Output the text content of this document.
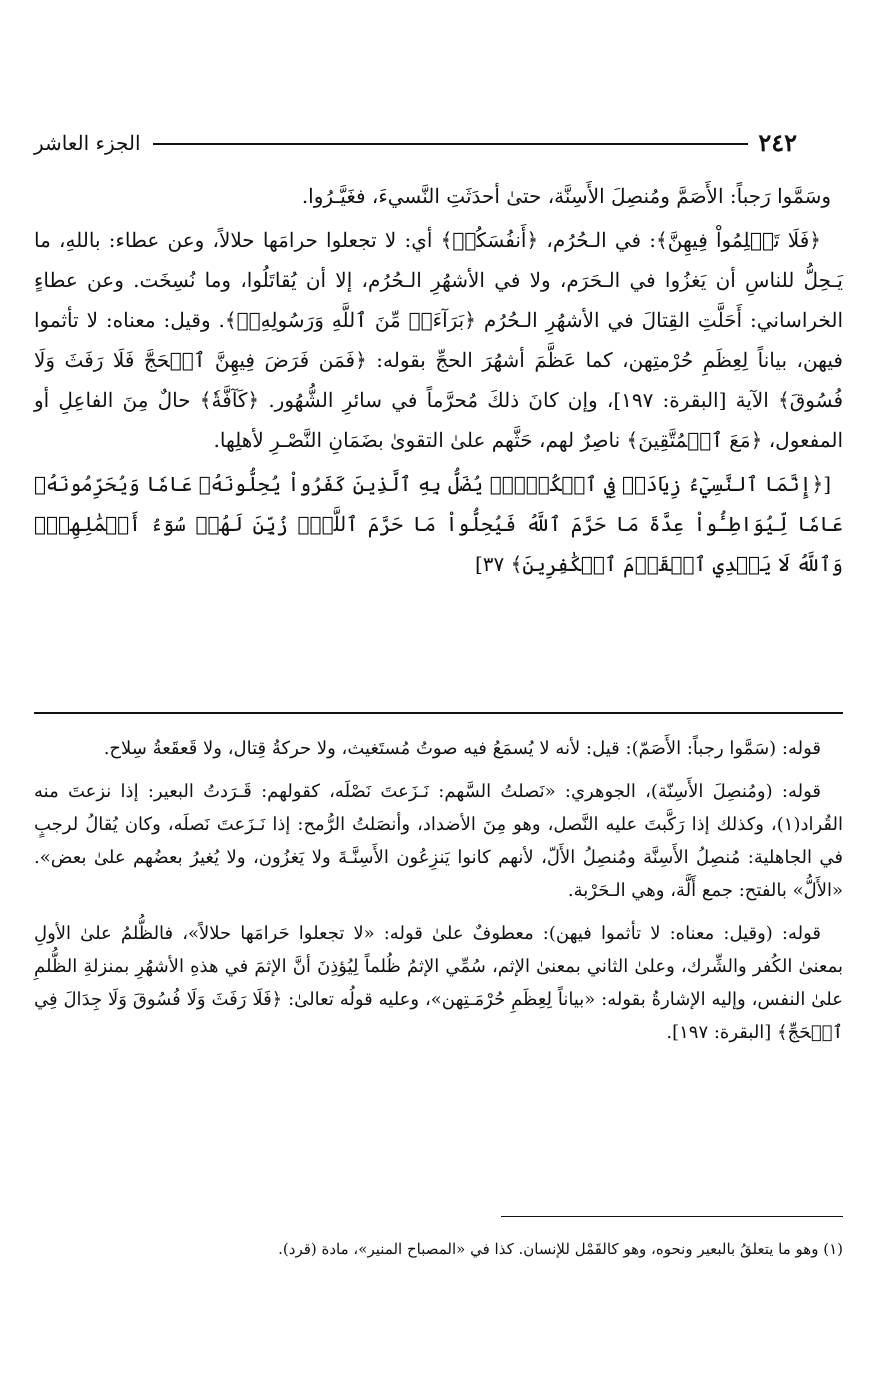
٢٤٢
الجزء العاشر

وسَمَّوا رَجباً: الأَصَمَّ ومُنصِلَ الأَسِنَّة، حتىٰ أحدَثَتِ النَّسيءَ، فغَيَّـرُوا.

﴿فَلَا تَظۡلِمُواْ فِيهِنَّ﴾: في الـحُرُم، ﴿أَنفُسَكُمۡ﴾ أي: لا تجعلوا حرامَها حلالاً، وعن عطاء: باللهِ، ما يَـحِلُّ للناسِ أن يَغزُوا في الـحَرَم، ولا في الأشهُرِ الـحُرُم، إلا أن يُقاتَلُوا، وما نُسِخَت. وعن عطاءٍ الخراساني: أَحَلَّتِ القِتالَ في الأشهُرِ الـحُرُم ﴿بَرَآءَةٞ مِّنَ ٱللَّهِ وَرَسُولِهِۦٓ﴾. وقيل: معناه: لا تأثموا فيهن، بياناً لِعِظَمِ حُرْمتِهن، كما عَظَّمَ أشهُرَ الحجِّ بقوله: ﴿فَمَن فَرَضَ فِيهِنَّ ٱلۡحَجَّ فَلَا رَفَثَ وَلَا فُسُوقَ﴾ الآية [البقرة: ١٩٧]، وإن كانَ ذلكَ مُحرَّماً في سائرِ الشُّهُور. ﴿كَآفَّةٗ﴾ حالٌ مِنَ الفاعِلِ أو المفعول، ﴿مَعَ ٱلۡمُتَّقِينَ﴾ ناصِرٌ لهم، حَثَّهم علىٰ التقوىٰ بضَمَانِ النَّصْـرِ لأهلِها.

[﴿إِنَّمَا ٱلنَّسِيٓءُ زِيَادَةٞ فِي ٱلۡكُفۡرِۖ يُضَلُّ بِهِ ٱلَّذِينَ كَفَرُواْ يُحِلُّونَهُۥ عَامٗا وَيُحَرِّمُونَهُۥ عَامٗا لِّيُوَاطِـُٔواْ عِدَّةَ مَا حَرَّمَ ٱللَّهُ فَيُحِلُّواْ مَا حَرَّمَ ٱللَّهُۚ زُيِّنَ لَهُمۡ سُوٓءُ أَعۡمَٰلِهِمۡۗ وَٱللَّهُ لَا يَهۡدِي ٱلۡقَوۡمَ ٱلۡكَٰفِرِينَ﴾ ٣٧]

قوله: (سَمَّوا رجباً: الأَصَمّ): قيل: لأنه لا يُسمَعُ فيه صوتُ مُستَغيث، ولا حركةُ قِتال، ولا قَعقَعةُ سِلاح.

قوله: (ومُنصِلَ الأَسِنّة)، الجوهري: «نَصلتُ السَّهم: نَـزَعتَ نَصْلَه، كقولهم: قَـرَدتُ البعير: إذا نزعتَ منه القُراد(١)، وكذلك إذا رَكَّبتَ عليه النَّصل، وهو مِنَ الأضداد، وأنصَلتُ الرُّمح: إذا نَـزَعتَ نَصلَه، وكان يُقالُ لرجبٍ في الجاهلية: مُنصِلُ الأَسِنَّة ومُنصِلُ الأَلّ، لأنهم كانوا يَنزِعُون الأَسِنَّـةَ ولا يَغزُون، ولا يُغيرُ بعضُهم علىٰ بعض». «الأَلُّ» بالفتح: جمع أَلَّة، وهي الـحَرْبة.

قوله: (وقيل: معناه: لا تأثموا فيهن): معطوفٌ علىٰ قوله: «لا تجعلوا حَرامَها حلالاً»، فالظُّلمُ علىٰ الأولِ بمعنىٰ الكُفر والشِّرك، وعلىٰ الثاني بمعنىٰ الإثم، سُمِّي الإثمُ ظُلماً لِيُؤذِنَ أنَّ الإثمَ في هذهِ الأشهُرِ بمنزلةِ الظُّلمِ علىٰ النفس، وإليه الإشارةُ بقوله: «بياناً لِعِظَمِ حُرْمَـتِهن»، وعليه قولُه تعالىٰ: ﴿فَلَا رَفَثَ وَلَا فُسُوقَ وَلَا جِدَالَ فِي ٱلۡحَجِّ﴾ [البقرة: ١٩٧].

(١) وهو ما يتعلقُ بالبعير ونحوه، وهو كالقَمْل للإنسان. كذا في «المصباح المنير»، مادة (قرد).
